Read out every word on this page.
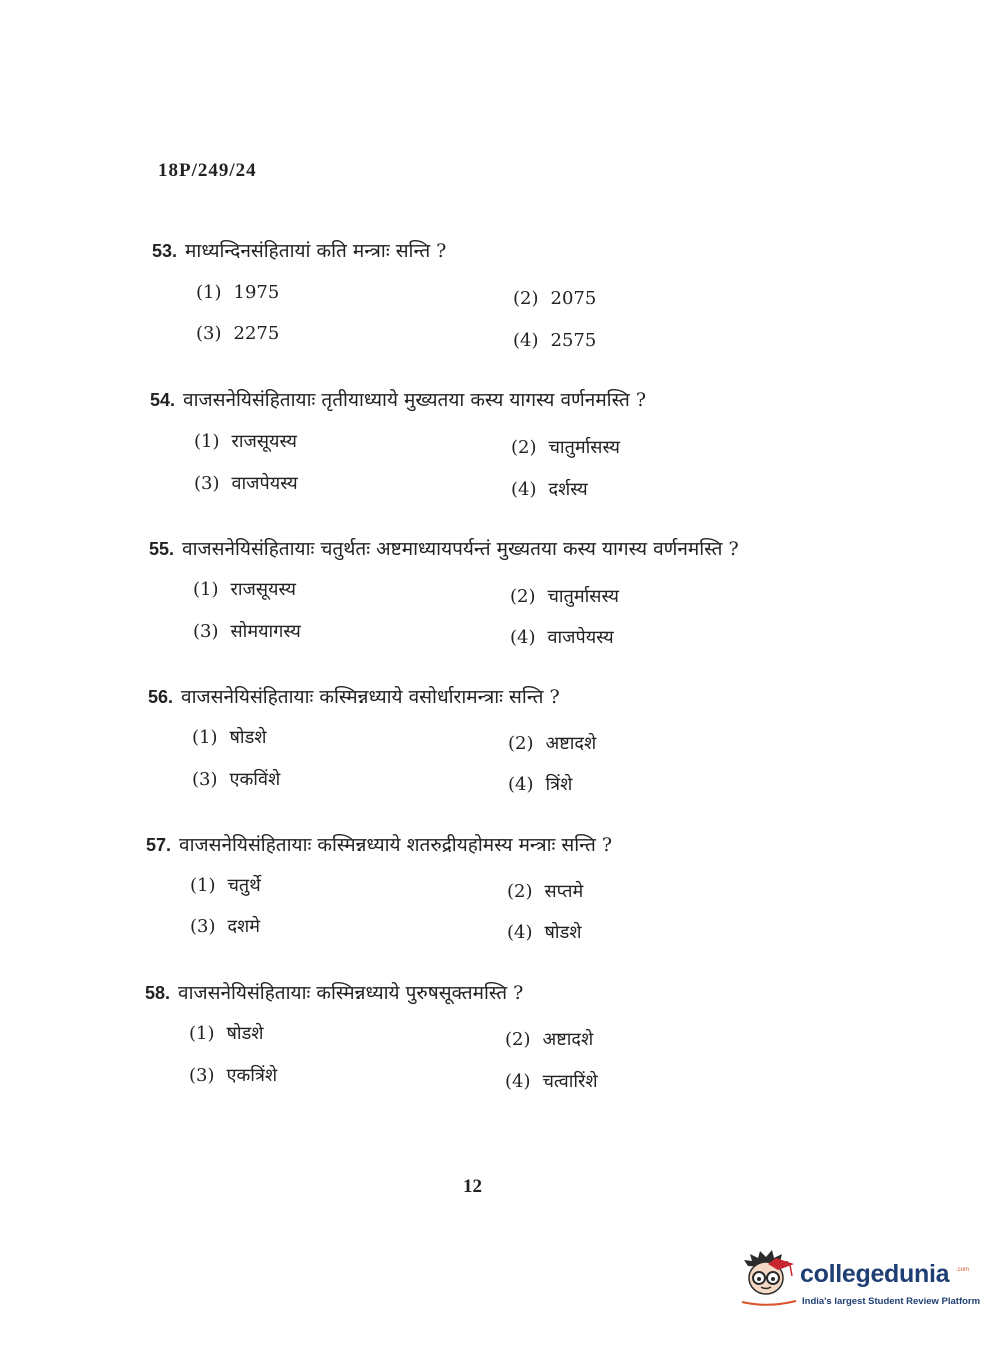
18P/249/24
53. माध्यन्दिनसंहितायां कति मन्त्राः सन्ति ?
(1) 1975	(2) 2075
(3) 2275	(4) 2575
54. वाजसनेयिसंहितायाः तृतीयाध्याये मुख्यतया कस्य यागस्य वर्णनमस्ति ?
(1) राजसूयस्य	(2) चातुर्मासस्य
(3) वाजपेयस्य	(4) दर्शस्य
55. वाजसनेयिसंहितायाः चतुर्थतः अष्टमाध्यायपर्यन्तं मुख्यतया कस्य यागस्य वर्णनमस्ति ?
(1) राजसूयस्य	(2) चातुर्मासस्य
(3) सोमयागस्य	(4) वाजपेयस्य
56. वाजसनेयिसंहितायाः कस्मिन्नध्याये वसोर्धारामन्त्राः सन्ति ?
(1) षोडशे	(2) अष्टादशे
(3) एकविंशे	(4) त्रिंशे
57. वाजसनेयिसंहितायाः कस्मिन्नध्याये शतरुद्रीयहोमस्य मन्त्राः सन्ति ?
(1) चतुर्थे	(2) सप्तमे
(3) दशमे	(4) षोडशे
58. वाजसनेयिसंहितायाः कस्मिन्नध्याये पुरुषसूक्तमस्ति ?
(1) षोडशे	(2) अष्टादशे
(3) एकत्रिंशे	(4) चत्वारिंशे
12
collegedunia .com
India's largest Student Review Platform
